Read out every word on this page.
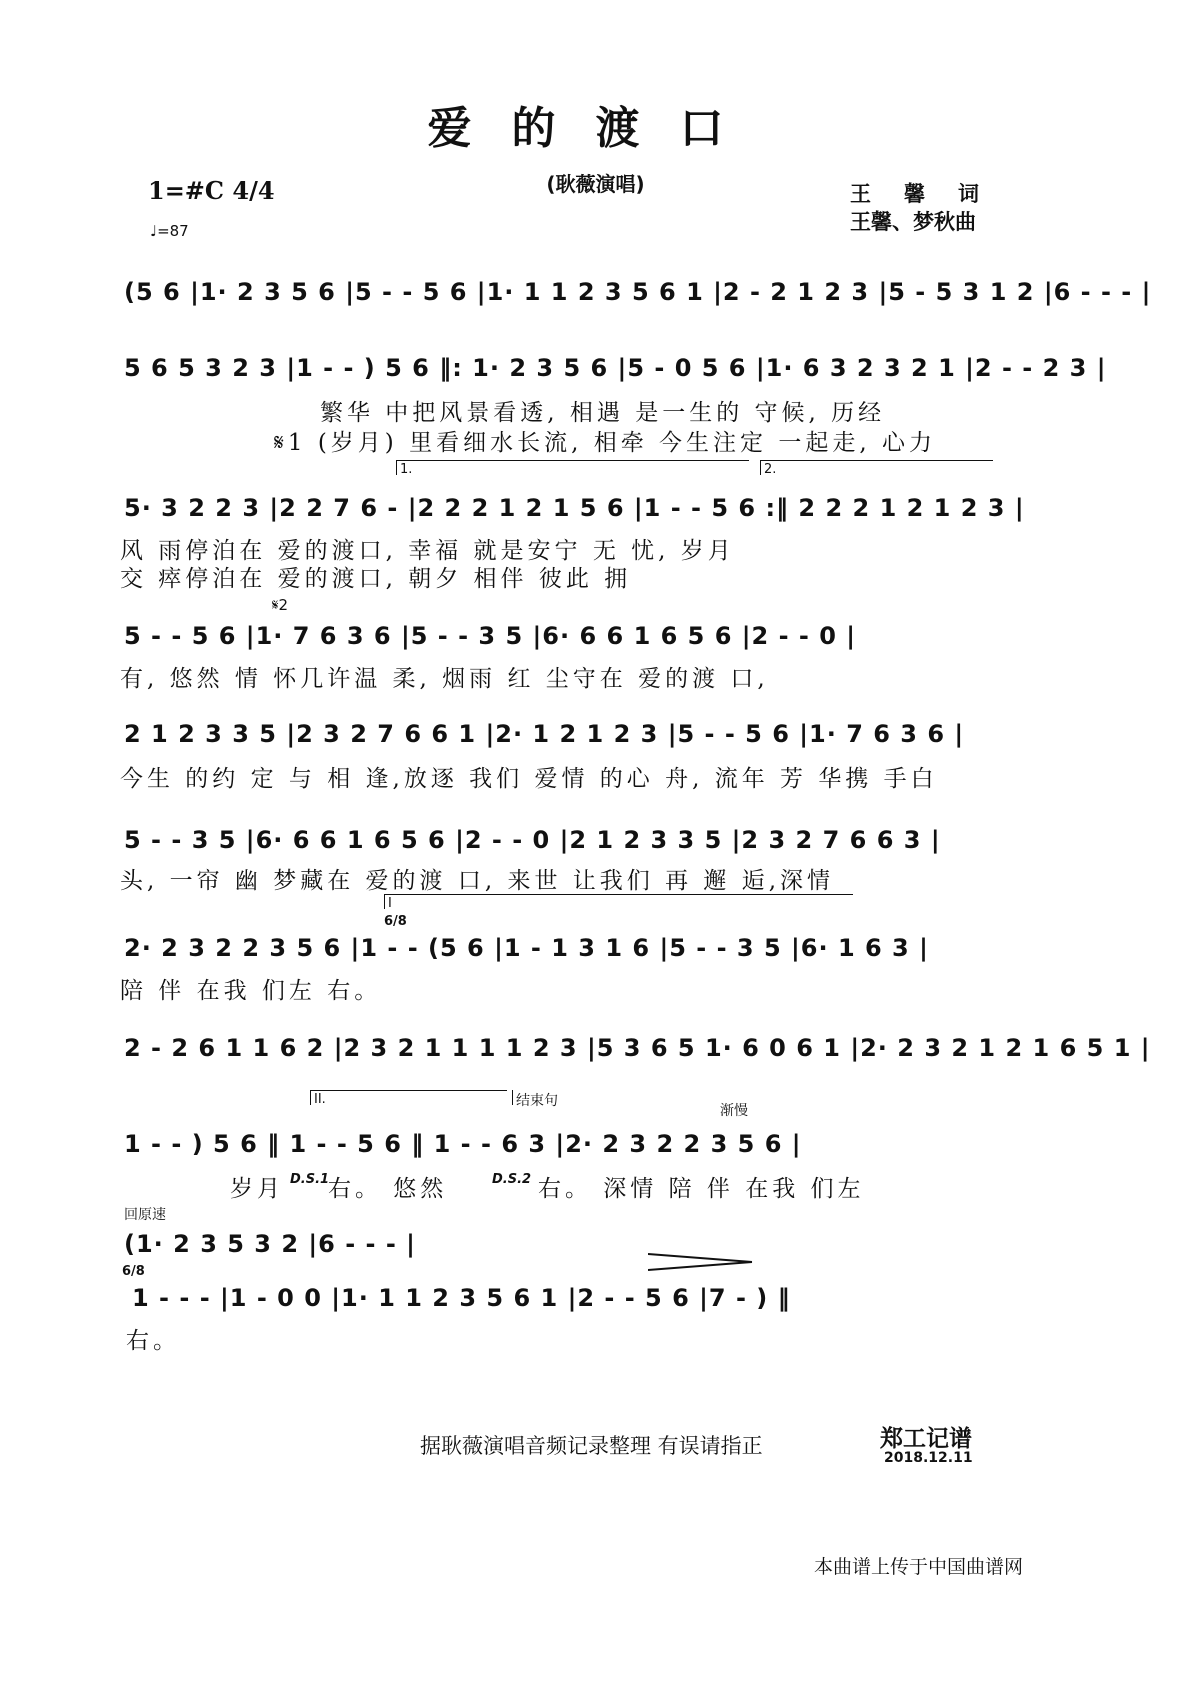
爱的渡口
(耿薇演唱)	王　馨　词
王馨、梦秋曲
1=#C 4/4
♩=87
(5 6 |1· 2 3 5 6 |5 - - 5 6 |1· 1 1 2 3 5 6 1 |2 - 2 1 2 3 |5 - 5 3 1 2 |6 - - - |
5 6 5 3 2 3 |1 - - ) 5 6 ‖: 1· 2 3 5 6 |5 - 0 5 6 |1· 6 3 2 3 2 1 |2 - - 2 3 |
繁华 中把风景看透, 相遇 是一生的 守候, 历经
𝄋1 (岁月) 里看细水长流, 相牵 今生注定 一起走, 心力
1.	2.
5· 3 2 2 3 |2 2 7 6 - |2 2 2 1 2 1 5 6 |1 - - 5 6 :‖ 2 2 2 1 2 1 2 3 |
风 雨停泊在 爱的渡口, 幸福 就是安宁 无 忧, 岁月
交 瘁停泊在 爱的渡口, 朝夕 相伴 彼此 拥
𝄋2
5 - - 5 6 |1· 7 6 3 6 |5 - - 3 5 |6· 6 6 1 6 5 6 |2 - - 0 |
有, 悠然 情 怀几许温 柔, 烟雨 红 尘守在 爱的渡 口,
2 1 2 3 3 5 |2 3 2 7 6 6 1 |2· 1 2 1 2 3 |5 - - 5 6 |1· 7 6 3 6 |
今生 的约 定 与 相 逢,放逐 我们 爱情 的心 舟, 流年 芳 华携 手白
5 - - 3 5 |6· 6 6 1 6 5 6 |2 - - 0 |2 1 2 3 3 5 |2 3 2 7 6 6 3 |
头, 一帘 幽 梦藏在 爱的渡 口, 来世 让我们 再 邂 逅,深情
I
6/8
2· 2 3 2 2 3 5 6 |1 - - (5 6 |1 - 1 3 1 6 |5 - - 3 5 |6· 1 6 3 |
陪 伴 在我 们左 右。
2 - 2 6 1 1 6 2 |2 3 2 1 1 1 1 2 3 |5 3 6 5 1· 6 0 6 1 |2· 2 3 2 1 2 1 6 5 1 |
II.	结束句
渐慢
1 - - ) 5 6 ‖ 1 - - 5 6 ‖ 1 - - 6 3 |2· 2 3 2 2 3 5 6 |
岁月 D.S.1
右。 悠然	D.S.2 右。 深情 陪 伴 在我 们左
回原速
(1· 2 3 5 3 2 |6 - - - |
6/8
1 - - - |1 - 0 0 |1· 1 1 2 3 5 6 1 |2 - - 5 6 |7 - ) ‖
右。
据耿薇演唱音频记录整理 有误请指正	郑工记谱
2018.12.11
本曲谱上传于中国曲谱网
